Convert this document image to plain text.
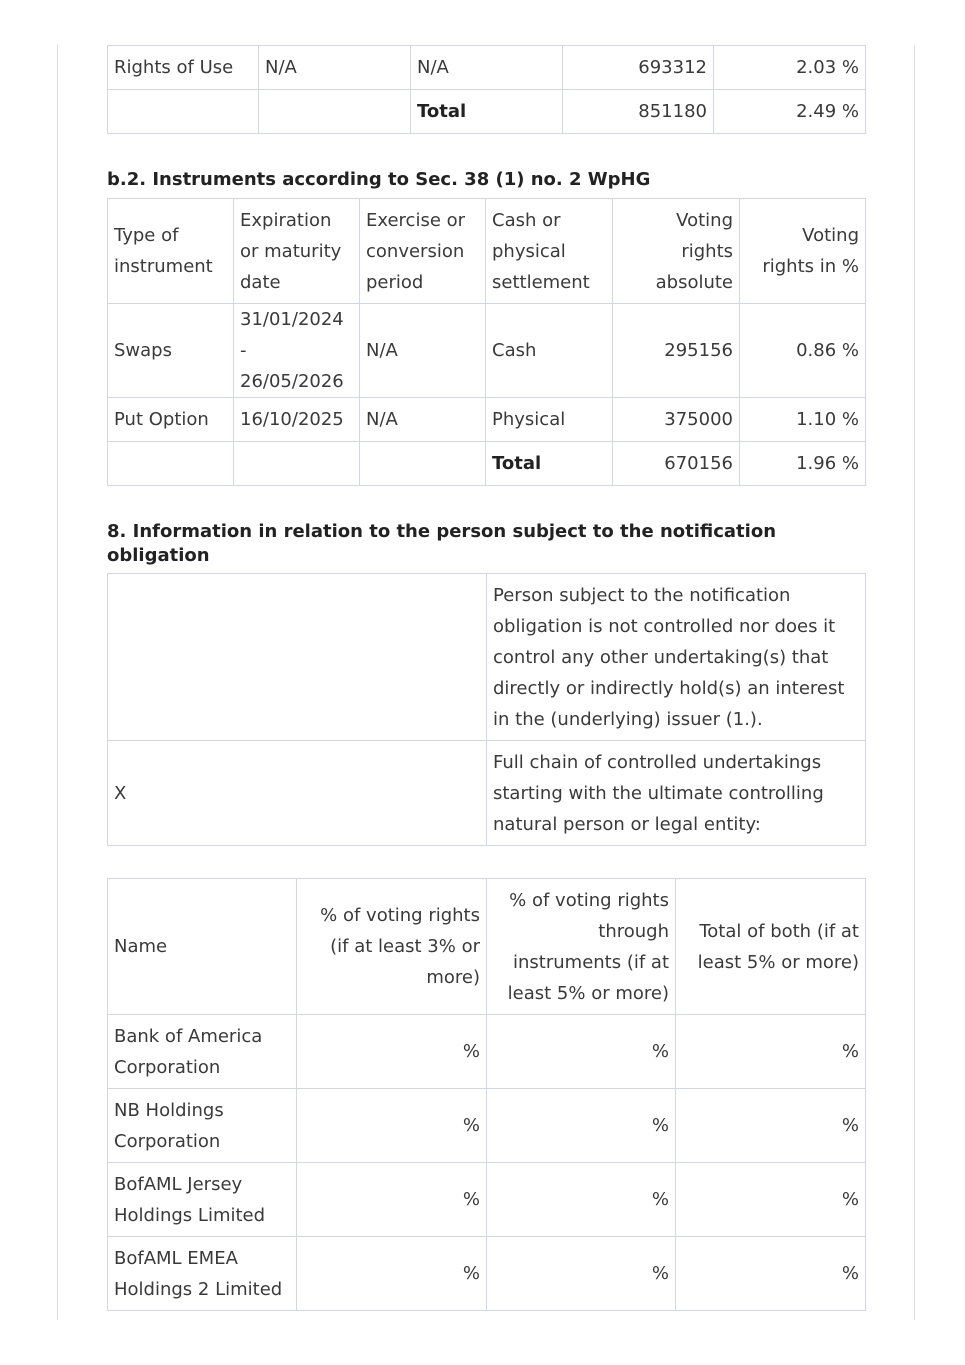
Rights of Use	N/A	N/A	693312	2.03 %
		Total	851180	2.49 %
b.2. Instruments according to Sec. 38 (1) no. 2 WpHG
Type of instrument	Expiration or maturity date	Exercise or conversion period	Cash or physical settlement	Voting rights absolute	Voting rights in %
Swaps	31/01/2024 - 26/05/2026	N/A	Cash	295156	0.86 %
Put Option	16/10/2025	N/A	Physical	375000	1.10 %
			Total	670156	1.96 %
8. Information in relation to the person subject to the notification obligation
	Person subject to the notification obligation is not controlled nor does it control any other undertaking(s) that directly or indirectly hold(s) an interest in the (underlying) issuer (1.).
X	Full chain of controlled undertakings starting with the ultimate controlling natural person or legal entity:
Name	% of voting rights (if at least 3% or more)	% of voting rights through instruments (if at least 5% or more)	Total of both (if at least 5% or more)
Bank of America Corporation	%	%	%
NB Holdings Corporation	%	%	%
BofAML Jersey Holdings Limited	%	%	%
BofAML EMEA Holdings 2 Limited	%	%	%
